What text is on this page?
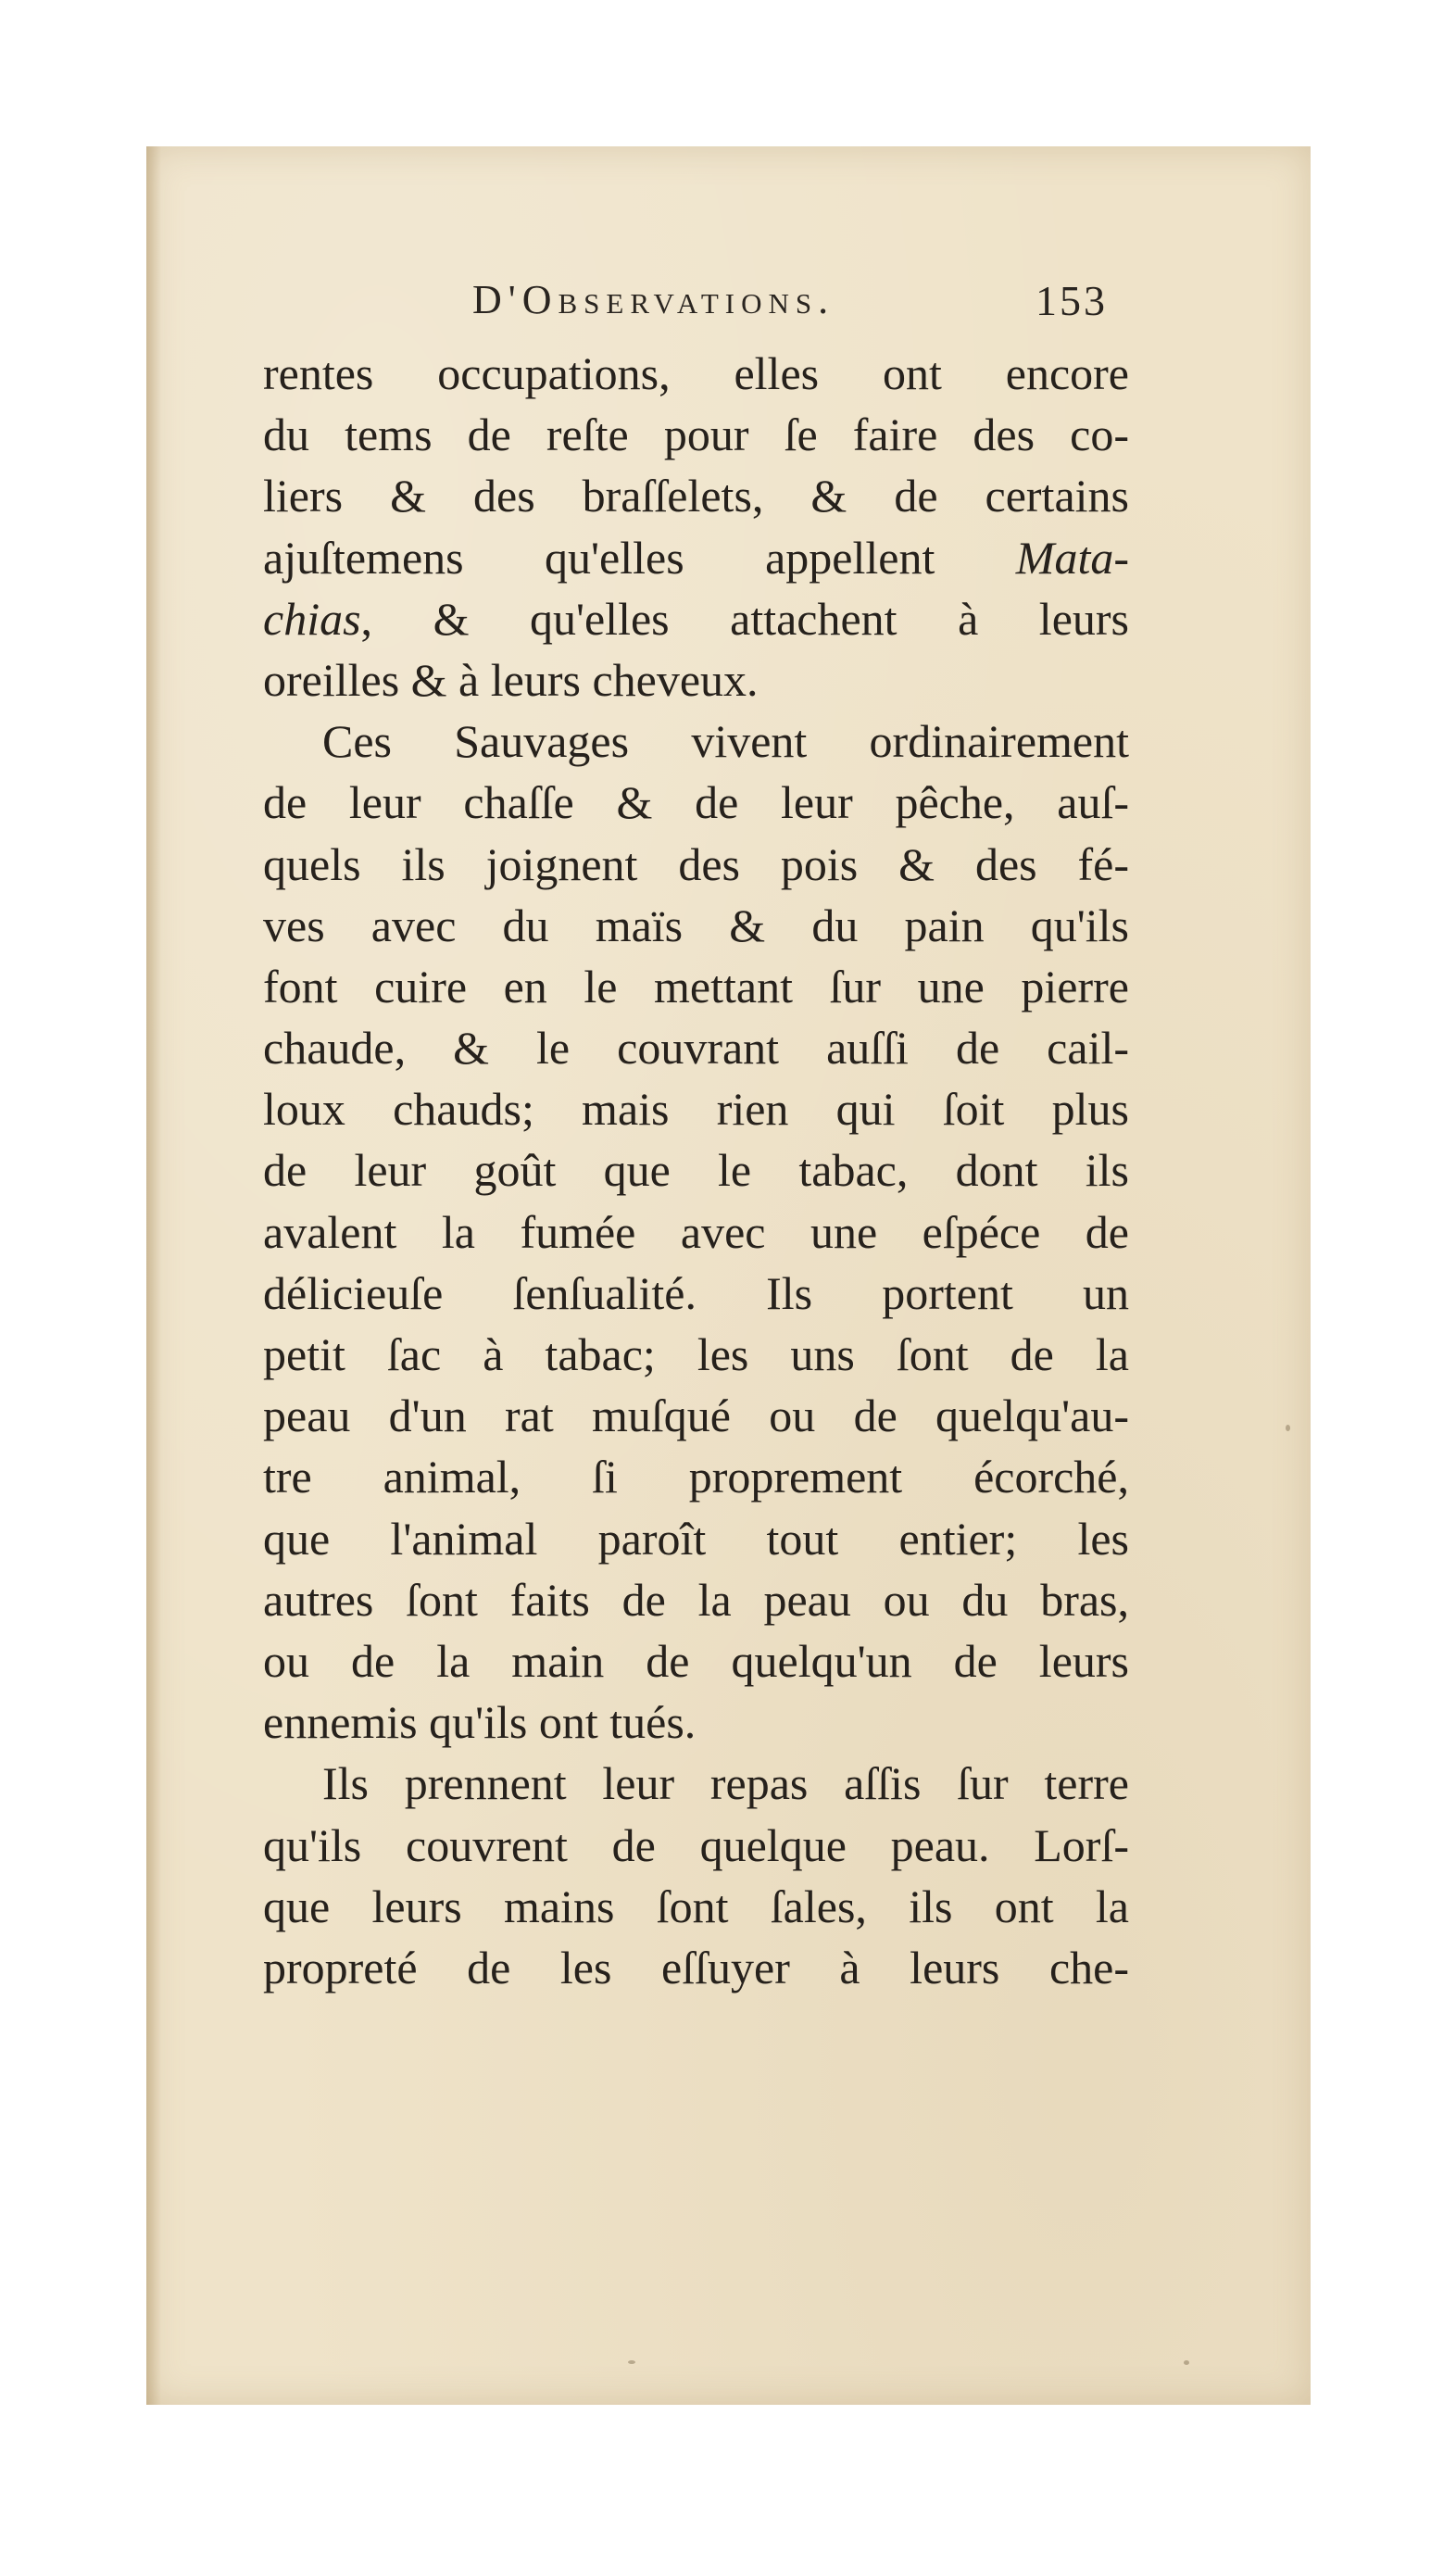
D'Observations.	153
rentes occupations, elles ont encore
du tems de reſte pour ſe faire des co-
liers & des braſſelets, & de certains
ajuſtemens qu'elles appellent Mata-
chias, & qu'elles attachent à leurs
oreilles & à leurs cheveux.
Ces Sauvages vivent ordinairement
de leur chaſſe & de leur pêche, auſ-
quels ils joignent des pois & des fé-
ves avec du maïs & du pain qu'ils
font cuire en le mettant ſur une pierre
chaude, & le couvrant auſſi de cail-
loux chauds; mais rien qui ſoit plus
de leur goût que le tabac, dont ils
avalent la fumée avec une eſpéce de
délicieuſe ſenſualité. Ils portent un
petit ſac à tabac; les uns ſont de la
peau d'un rat muſqué ou de quelqu'au-
tre animal, ſi proprement écorché,
que l'animal paroît tout entier; les
autres ſont faits de la peau ou du bras,
ou de la main de quelqu'un de leurs
ennemis qu'ils ont tués.
Ils prennent leur repas aſſis ſur terre
qu'ils couvrent de quelque peau. Lorſ-
que leurs mains ſont ſales, ils ont la
propreté de les eſſuyer à leurs che-
